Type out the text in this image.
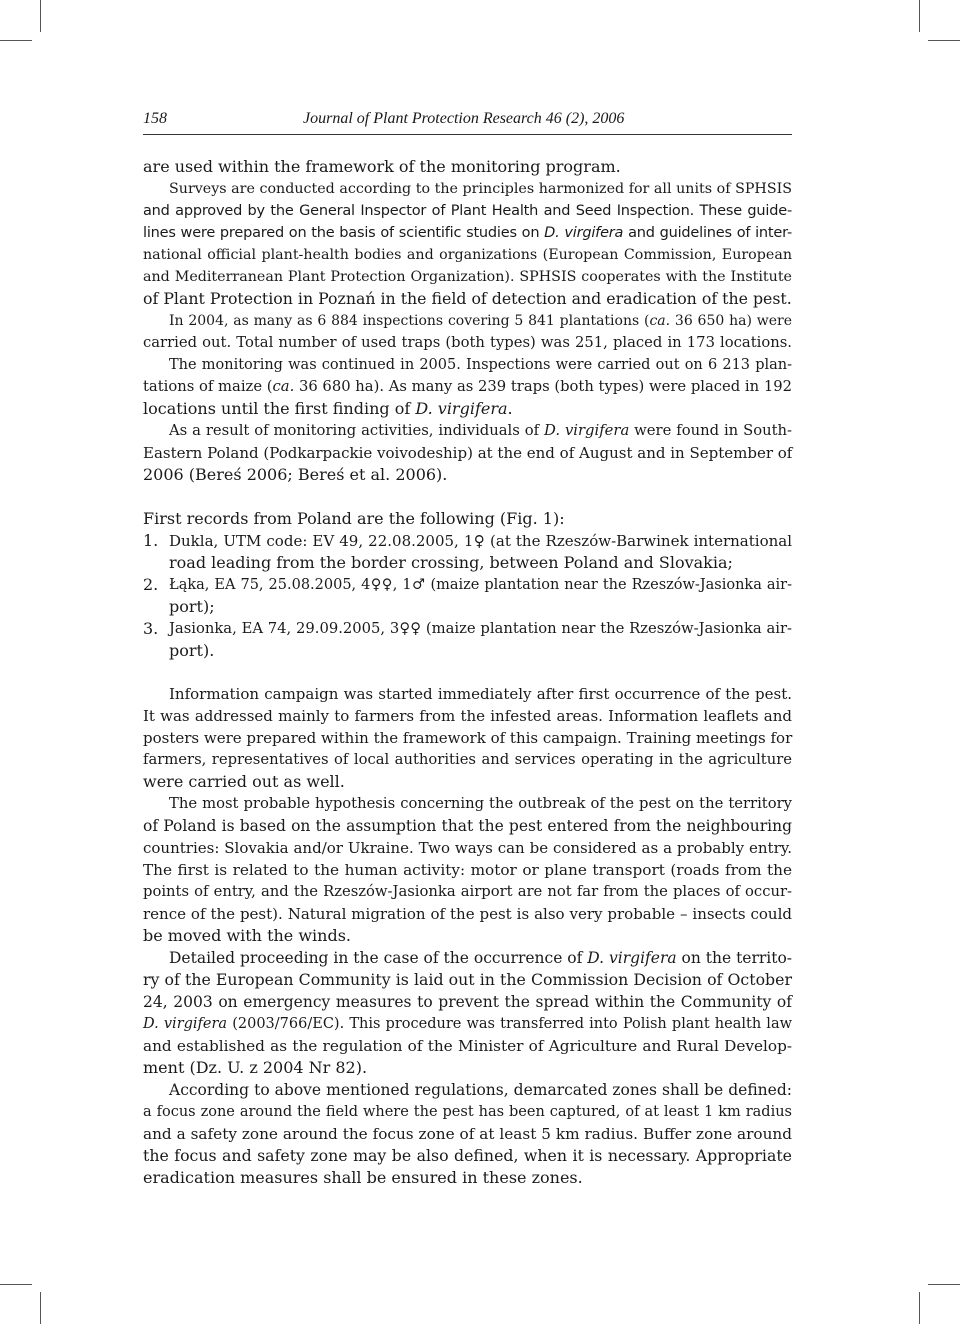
158	Journal of Plant Protection Research 46 (2), 2006
are used within the framework of the monitoring program.
Surveys are conducted according to the principles harmonized for all units of SPHSIS
and approved by the General Inspector of Plant Health and Seed Inspection. These guide-
lines were prepared on the basis of scientific studies on D. virgifera and guidelines of inter-
national official plant-health bodies and organizations (European Commission, European
and Mediterranean Plant Protection Organization). SPHSIS cooperates with the Institute
of Plant Protection in Poznań in the field of detection and eradication of the pest.
In 2004, as many as 6 884 inspections covering 5 841 plantations (ca. 36 650 ha) were
carried out. Total number of used traps (both types) was 251, placed in 173 locations.
The monitoring was continued in 2005. Inspections were carried out on 6 213 plan-
tations of maize (ca. 36 680 ha). As many as 239 traps (both types) were placed in 192
locations until the first finding of D. virgifera.
As a result of monitoring activities, individuals of D. virgifera were found in South-
Eastern Poland (Podkarpackie voivodeship) at the end of August and in September of
2006 (Bereś 2006; Bereś et al. 2006).
First records from Poland are the following (Fig. 1):
1. Dukla, UTM code: EV 49, 22.08.2005, 1♀ (at the Rzeszów-Barwinek international
road leading from the border crossing, between Poland and Slovakia;
2. Łąka, EA 75, 25.08.2005, 4♀♀, 1♂ (maize plantation near the Rzeszów-Jasionka air-
port);
3. Jasionka, EA 74, 29.09.2005, 3♀♀ (maize plantation near the Rzeszów-Jasionka air-
port).
Information campaign was started immediately after first occurrence of the pest.
It was addressed mainly to farmers from the infested areas. Information leaflets and
posters were prepared within the framework of this campaign. Training meetings for
farmers, representatives of local authorities and services operating in the agriculture
were carried out as well.
The most probable hypothesis concerning the outbreak of the pest on the territory
of Poland is based on the assumption that the pest entered from the neighbouring
countries: Slovakia and/or Ukraine. Two ways can be considered as a probably entry.
The first is related to the human activity: motor or plane transport (roads from the
points of entry, and the Rzeszów-Jasionka airport are not far from the places of occur-
rence of the pest). Natural migration of the pest is also very probable – insects could
be moved with the winds.
Detailed proceeding in the case of the occurrence of D. virgifera on the territo-
ry of the European Community is laid out in the Commission Decision of October
24, 2003 on emergency measures to prevent the spread within the Community of
D. virgifera (2003/766/EC). This procedure was transferred into Polish plant health law
and established as the regulation of the Minister of Agriculture and Rural Develop-
ment (Dz. U. z 2004 Nr 82).
According to above mentioned regulations, demarcated zones shall be defined:
a focus zone around the field where the pest has been captured, of at least 1 km radius
and a safety zone around the focus zone of at least 5 km radius. Buffer zone around
the focus and safety zone may be also defined, when it is necessary. Appropriate
eradication measures shall be ensured in these zones.
